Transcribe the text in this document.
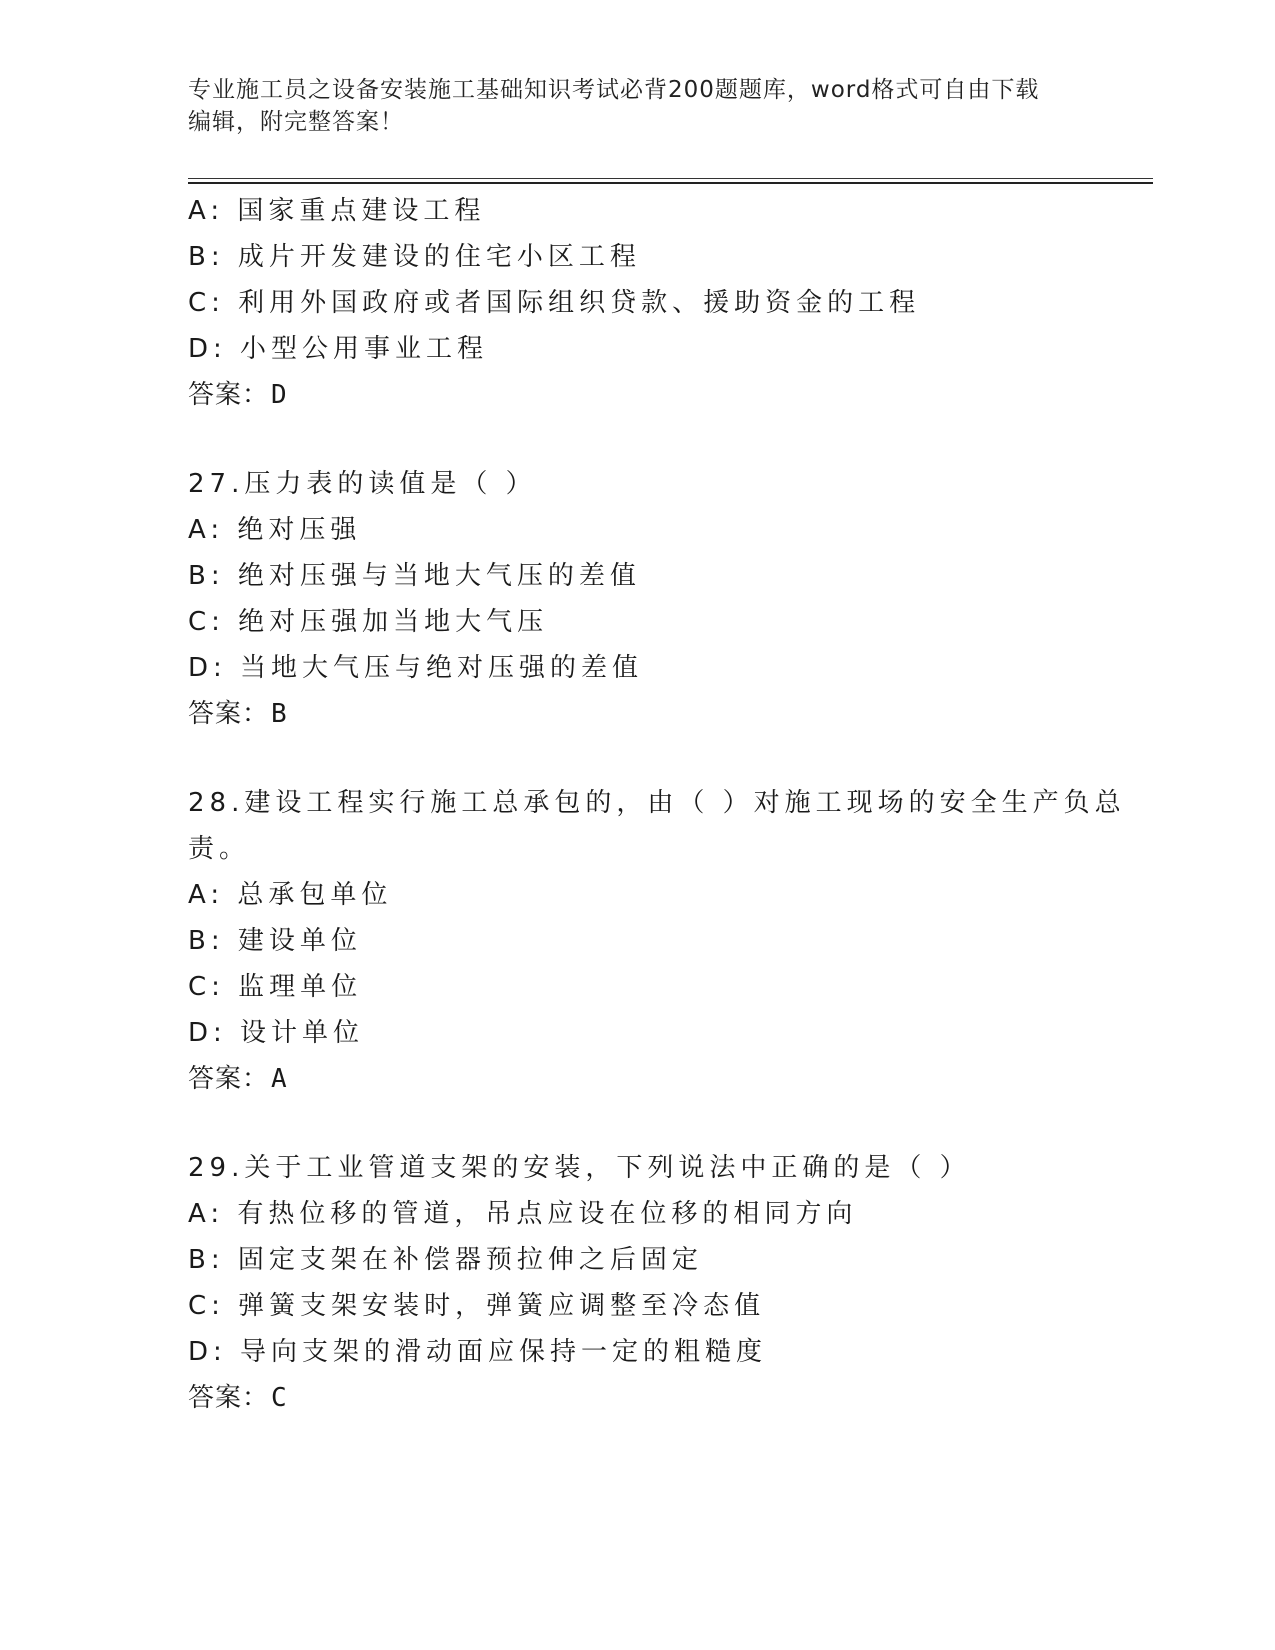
专业施工员之设备安装施工基础知识考试必背200题题库，word格式可自由下载
编辑，附完整答案！
A: 国家重点建设工程
B: 成片开发建设的住宅小区工程
C: 利用外国政府或者国际组织贷款、援助资金的工程
D: 小型公用事业工程
答案：D
27.压力表的读值是（ ）
A: 绝对压强
B: 绝对压强与当地大气压的差值
C: 绝对压强加当地大气压
D: 当地大气压与绝对压强的差值
答案：B
28.建设工程实行施工总承包的，由（ ）对施工现场的安全生产负总
责。
A: 总承包单位
B: 建设单位
C: 监理单位
D: 设计单位
答案：A
29.关于工业管道支架的安装，下列说法中正确的是（ ）
A: 有热位移的管道，吊点应设在位移的相同方向
B: 固定支架在补偿器预拉伸之后固定
C: 弹簧支架安装时，弹簧应调整至冷态值
D: 导向支架的滑动面应保持一定的粗糙度
答案：C
